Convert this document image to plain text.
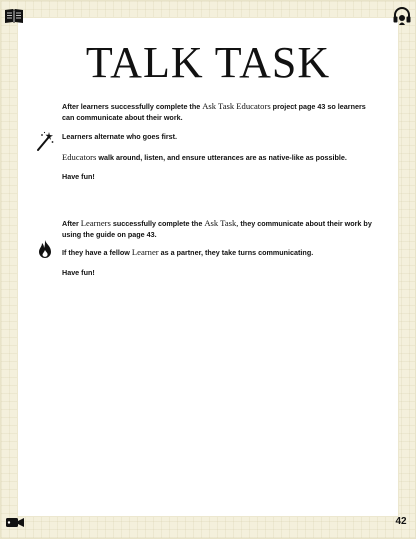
42
TALK TASK
After learners successfully complete the Ask Task Educators project page 43 so learners can communicate about their work.
Learners alternate who goes first.
Educators walk around, listen, and ensure utterances are as native-like as possible.
Have fun!
After Learners successfully complete the Ask Task, they communicate about their work by using the guide on page 43.
If they have a fellow Learner as a partner, they take turns communicating.
Have fun!
